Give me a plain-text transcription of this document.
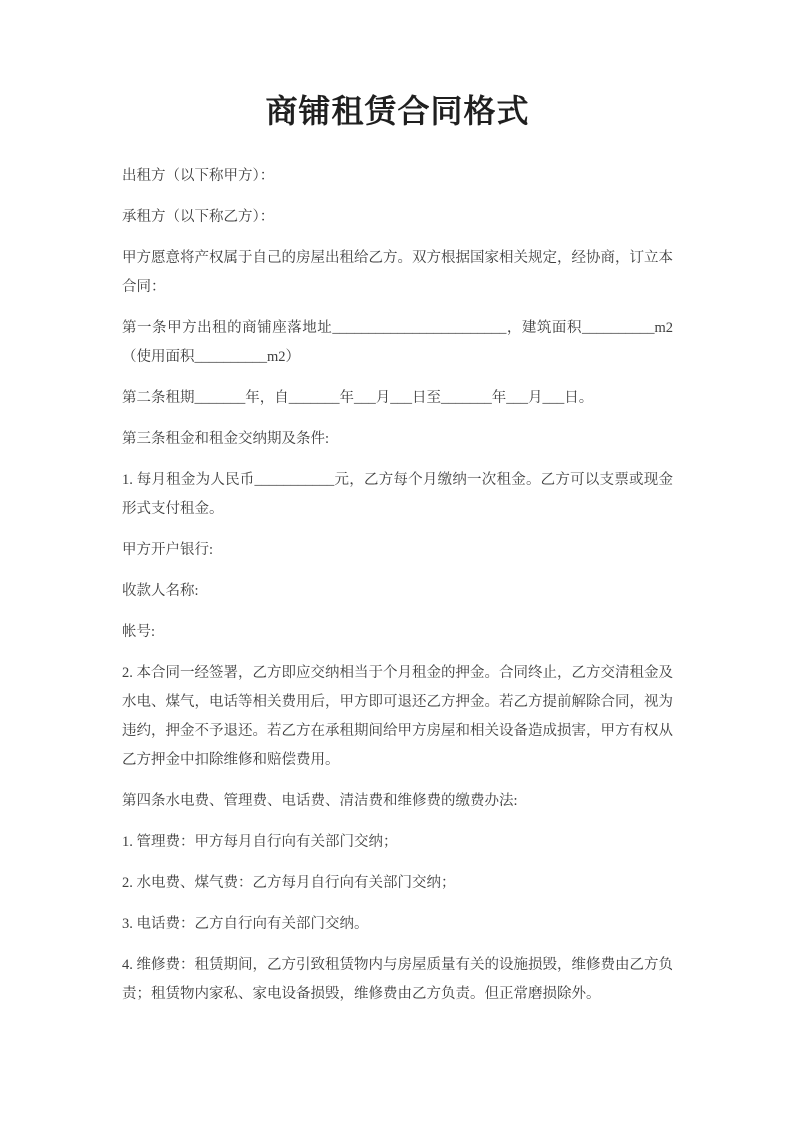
商铺租赁合同格式

出租方（以下称甲方）：

承租方（以下称乙方）：

甲方愿意将产权属于自己的房屋出租给乙方。双方根据国家相关规定，经协商，订立本合同：

第一条甲方出租的商铺座落地址________________________，建筑面积__________m2（使用面积__________m2）

第二条租期_______年，自_______年___月___日至_______年___月___日。

第三条租金和租金交纳期及条件:

1. 每月租金为人民币___________元，乙方每个月缴纳一次租金。乙方可以支票或现金形式支付租金。

甲方开户银行:

收款人名称:

帐号:

2. 本合同一经签署，乙方即应交纳相当于个月租金的押金。合同终止，乙方交清租金及水电、煤气，电话等相关费用后，甲方即可退还乙方押金。若乙方提前解除合同，视为违约，押金不予退还。若乙方在承租期间给甲方房屋和相关设备造成损害，甲方有权从乙方押金中扣除维修和赔偿费用。

第四条水电费、管理费、电话费、清洁费和维修费的缴费办法:

1. 管理费：甲方每月自行向有关部门交纳；

2. 水电费、煤气费：乙方每月自行向有关部门交纳；

3. 电话费：乙方自行向有关部门交纳。

4. 维修费：租赁期间，乙方引致租赁物内与房屋质量有关的设施损毁，维修费由乙方负责；租赁物内家私、家电设备损毁，维修费由乙方负责。但正常磨损除外。
